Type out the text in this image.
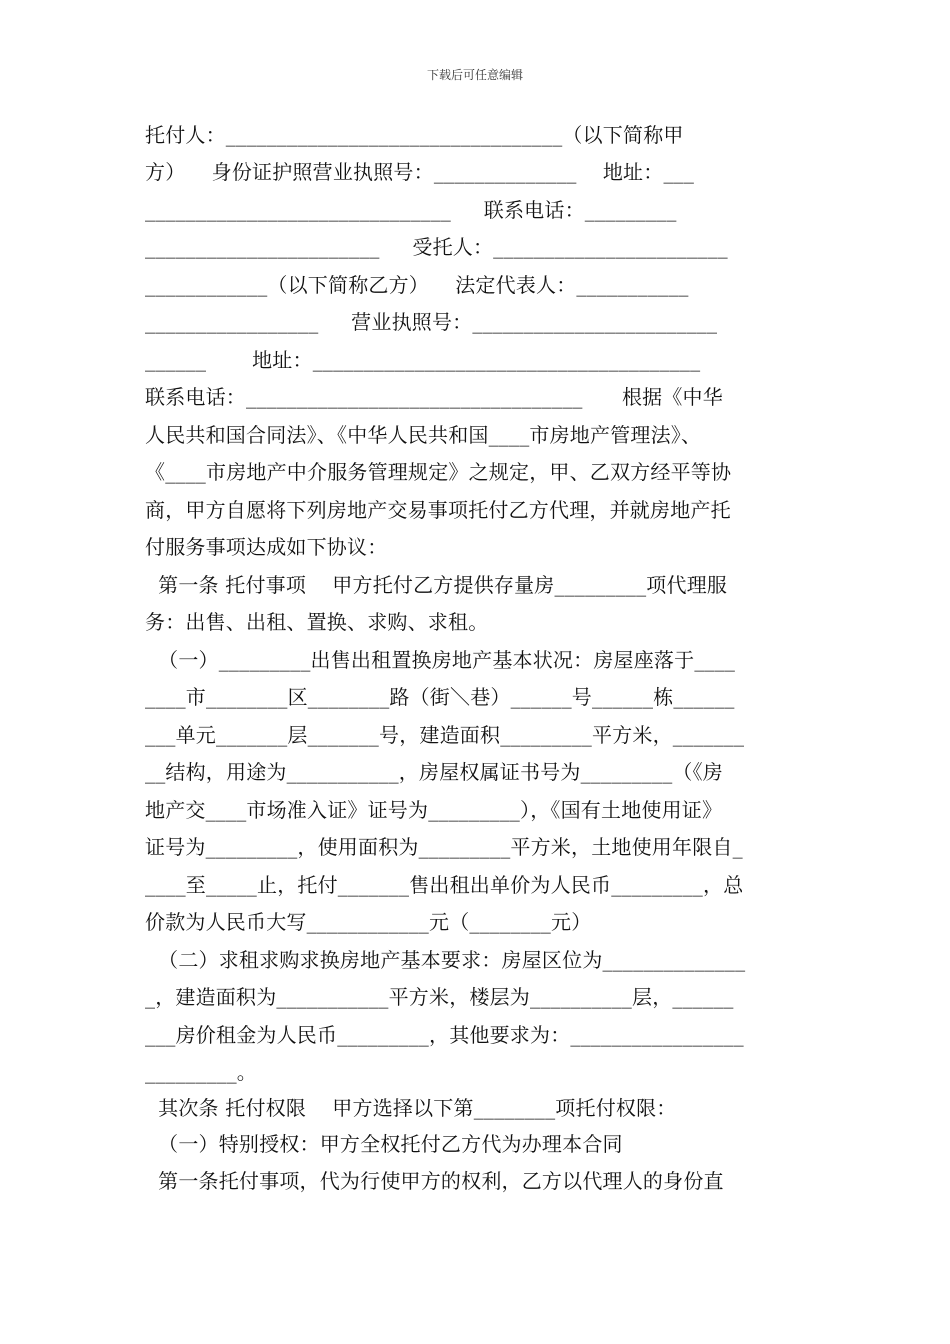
下载后可任意编辑
托付人：_________________________________（以下简称甲
方）    身份证护照营业执照号：______________    地址：___
______________________________     联系电话：_________
_______________________     受托人：_______________________
____________（以下简称乙方）    法定代表人：___________
_________________     营业执照号：________________________
______       地址：______________________________________
联系电话：_________________________________      根据《中华
人民共和国合同法》、《中华人民共和国____市房地产管理法》、
《____市房地产中介服务管理规定》之规定，甲、乙双方经平等协
商，甲方自愿将下列房地产交易事项托付乙方代理，并就房地产托
付服务事项达成如下协议：
第一条 托付事项    甲方托付乙方提供存量房_________项代理服
务：出售、出租、置换、求购、求租。
（一）_________出售出租置换房地产基本状况：房屋座落于____
____市________区________路（街＼巷）______号______栋______
___单元_______层_______号，建造面积_________平方米，_______
__结构，用途为___________，房屋权属证书号为_________（《房
地产交____市场准入证》证号为_________），《国有土地使用证》
证号为_________，使用面积为_________平方米，土地使用年限自_
____至_____止，托付_______售出租出单价为人民币_________，总
价款为人民币大写____________元（________元）
（二）求租求购求换房地产基本要求：房屋区位为______________
_，建造面积为___________平方米，楼层为__________层，______
___房价租金为人民币_________，其他要求为：_________________
_________。
其次条 托付权限    甲方选择以下第________项托付权限：
（一）特别授权：甲方全权托付乙方代为办理本合同
第一条托付事项，代为行使甲方的权利，乙方以代理人的身份直
